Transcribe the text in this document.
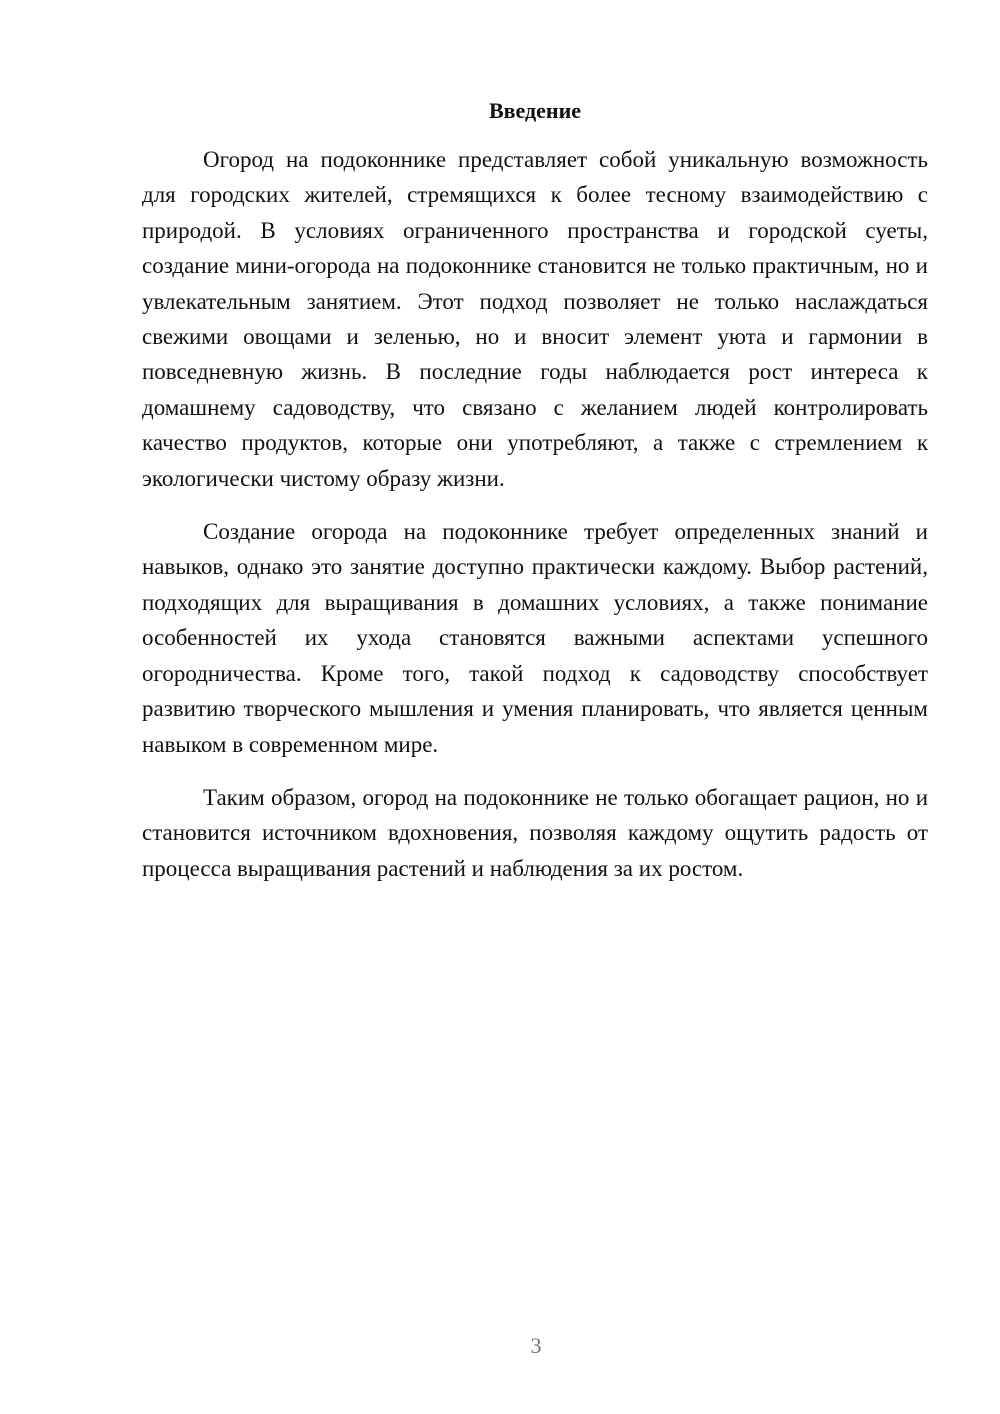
Введение

Огород на подоконнике представляет собой уникальную возможность для городских жителей, стремящихся к более тесному взаимодействию с природой. В условиях ограниченного пространства и городской суеты, создание мини-огорода на подоконнике становится не только практичным, но и увлекательным занятием. Этот подход позволяет не только наслаждаться свежими овощами и зеленью, но и вносит элемент уюта и гармонии в повседневную жизнь. В последние годы наблюдается рост интереса к домашнему садоводству, что связано с желанием людей контролировать качество продуктов, которые они употребляют, а также с стремлением к экологически чистому образу жизни.

Создание огорода на подоконнике требует определенных знаний и навыков, однако это занятие доступно практически каждому. Выбор растений, подходящих для выращивания в домашних условиях, а также понимание особенностей их ухода становятся важными аспектами успешного огородничества. Кроме того, такой подход к садоводству способствует развитию творческого мышления и умения планировать, что является ценным навыком в современном мире.

Таким образом, огород на подоконнике не только обогащает рацион, но и становится источником вдохновения, позволяя каждому ощутить радость от процесса выращивания растений и наблюдения за их ростом.

3
